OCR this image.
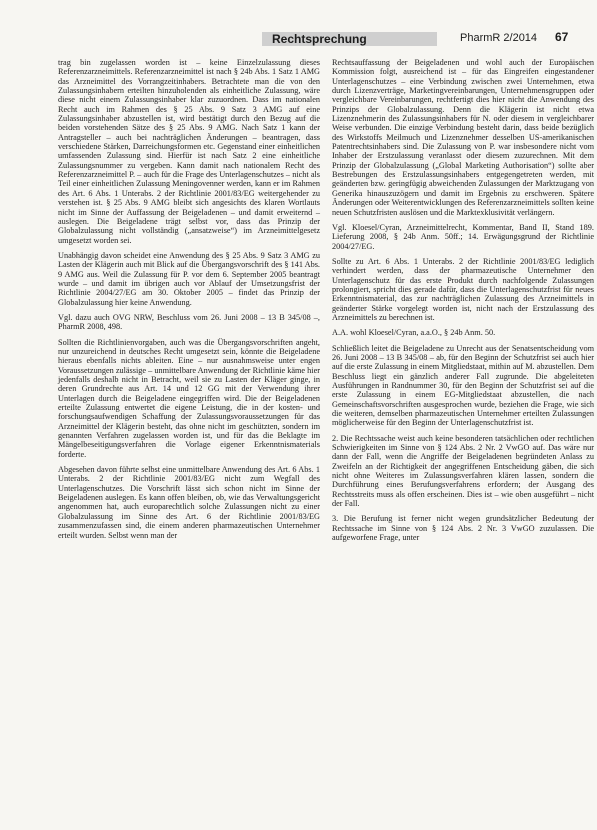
Rechtsprechung	PharmR 2/2014 67

trag bin zugelassen worden ist – keine Einzelzulassung dieses Referenzarzneimittels. Referenzarzneimittel ist nach § 24b Abs. 1 Satz 1 AMG das Arzneimittel des Vorrangzeitinhabers. Betrachtete man die von den Zulassungsinhabern erteilten hinzuholenden als einheitliche Zulassung, wäre diese nicht einem Zulassungsinhaber klar zuzuordnen. Dass im nationalen Recht auch im Rahmen des § 25 Abs. 9 Satz 3 AMG auf eine Zulassungsinhaber abzustellen ist, wird bestätigt durch den Bezug auf die beiden vorstehenden Sätze des § 25 Abs. 9 AMG. Nach Satz 1 kann der Antragsteller – auch bei nachträglichen Änderungen – beantragen, dass verschiedene Stärken, Darreichungsformen etc. Gegenstand einer einheitlichen umfassenden Zulassung sind. Hierfür ist nach Satz 2 eine einheitliche Zulassungsnummer zu vergeben. Kann damit nach nationalem Recht des Referenzarzneimittel P. – auch für die Frage des Unterlagenschutzes – nicht als Teil einer einheitlichen Zulassung Meningovenner werden, kann er im Rahmen des Art. 6 Abs. 1 Unterabs. 2 der Richtlinie 2001/83/EG weitergehender zu verstehen ist. § 25 Abs. 9 AMG bleibt sich angesichts des klaren Wortlauts nicht im Sinne der Auffassung der Beigeladenen – und damit erweiternd – auslegen. Die Beigeladene trägt selbst vor, dass das Prinzip der Globalzulassung nicht vollständig („ansatzweise“) im Arzneimittelgesetz umgesetzt worden sei.

Unabhängig davon scheidet eine Anwendung des § 25 Abs. 9 Satz 3 AMG zu Lasten der Klägerin auch mit Blick auf die Übergangsvorschrift des § 141 Abs. 9 AMG aus. Weil die Zulassung für P. vor dem 6. September 2005 beantragt wurde – und damit im übrigen auch vor Ablauf der Umsetzungsfrist der Richtlinie 2004/27/EG am 30. Oktober 2005 – findet das Prinzip der Globalzulassung hier keine Anwendung.

Vgl. dazu auch OVG NRW, Beschluss vom 26. Juni 2008 – 13 B 345/08 –, PharmR 2008, 498.

Sollten die Richtlinienvorgaben, auch was die Übergangsvorschriften angeht, nur unzureichend in deutsches Recht umgesetzt sein, könnte die Beigeladene hieraus ebenfalls nichts ableiten. Eine – nur ausnahmsweise unter engen Voraussetzungen zulässige – unmittelbare Anwendung der Richtlinie käme hier jedenfalls deshalb nicht in Betracht, weil sie zu Lasten der Kläger ginge, in deren Grundrechte aus Art. 14 und 12 GG mit der Verwendung ihrer Unterlagen durch die Beigeladene eingegriffen wird. Die der Beigeladenen erteilte Zulassung entwertet die eigene Leistung, die in der kosten- und forschungsaufwendigen Schaffung der Zulassungsvoraussetzungen für das Arzneimittel der Klägerin besteht, das ohne nicht im geschützten, sondern im genannten Verfahren zugelassen worden ist, und für das die Beklagte im Mängelbeseitigungsverfahren die Vorlage eigener Erkenntnismaterials forderte.

Abgesehen davon führte selbst eine unmittelbare Anwendung des Art. 6 Abs. 1 Unterabs. 2 der Richtlinie 2001/83/EG nicht zum Wegfall des Unterlagenschutzes. Die Vorschrift lässt sich schon nicht im Sinne der Beigeladenen auslegen. Es kann offen bleiben, ob, wie das Verwaltungsgericht angenommen hat, auch europarechtlich solche Zulassungen nicht zu einer Globalzulassung im Sinne des Art. 6 der Richtlinie 2001/83/EG zusammenzufassen sind, die einem anderen pharmazeutischen Unternehmer erteilt wurden. Selbst wenn man der

Rechtsauffassung der Beigeladenen und wohl auch der Europäischen Kommission folgt, ausreichend ist – für das Eingreifen eingestandener Unterlagenschutzes – eine Verbindung zwischen zwei Unternehmen, etwa durch Lizenzverträge, Marketingvereinbarungen, Unternehmensgruppen oder vergleichbare Vereinbarungen, rechtfertigt dies hier nicht die Anwendung des Prinzips der Globalzulassung. Denn die Klägerin ist nicht etwa Lizenznehmerin des Zulassungsinhabers für N. oder diesem in vergleichbarer Weise verbunden. Die einzige Verbindung besteht darin, dass beide bezüglich des Wirkstoffs Meilmuch und Lizenznehmer desselben US-amerikanischen Patentrechtsinhabers sind. Die Zulassung von P. war insbesondere nicht vom Inhaber der Erstzulassung veranlasst oder diesem zuzurechnen. Mit dem Prinzip der Globalzulassung („Global Marketing Authorisation“) sollte aber Bestrebungen des Erstzulassungsinhabers entgegengetreten werden, mit geänderten bzw. geringfügig abweichenden Zulassungen der Marktzugang von Generika hinauszuzögern und damit im Ergebnis zu erschweren. Spätere Änderungen oder Weiterentwicklungen des Referenzarzneimittels sollten keine neuen Schutzfristen auslösen und die Marktexklusivität verlängern.

Vgl. Kloesel/Cyran, Arzneimittelrecht, Kommentar, Band II, Stand 189. Lieferung 2008, § 24b Anm. 50ff.; 14. Erwägungsgrund der Richtlinie 2004/27/EG.

Sollte zu Art. 6 Abs. 1 Unterabs. 2 der Richtlinie 2001/83/EG lediglich verhindert werden, dass der pharmazeutische Unternehmer den Unterlagenschutz für das erste Produkt durch nachfolgende Zulassungen prolongiert, spricht dies gerade dafür, dass die Unterlagenschutzfrist für neues Erkenntnismaterial, das zur nachträglichen Zulassung des Arzneimittels in geänderter Stärke vorgelegt worden ist, nicht nach der Erstzulassung des Arzneimittels zu berechnen ist.

A.A. wohl Kloesel/Cyran, a.a.O., § 24b Anm. 50.

Schließlich leitet die Beigeladene zu Unrecht aus der Senatsentscheidung vom 26. Juni 2008 – 13 B 345/08 – ab, für den Beginn der Schutzfrist sei auch hier auf die erste Zulassung in einem Mitgliedstaat, mithin auf M. abzustellen. Dem Beschluss liegt ein gänzlich anderer Fall zugrunde. Die abgeleiteten Ausführungen in Randnummer 30, für den Beginn der Schutzfrist sei auf die erste Zulassung in einem EG-Mitgliedstaat abzustellen, die nach Gemeinschaftsvorschriften ausgesprochen wurde, beziehen die Frage, wie sich die weiteren, demselben pharmazeutischen Unternehmer erteilten Zulassungen möglicherweise für den Beginn der Unterlagenschutzfrist ist.

2. Die Rechtssache weist auch keine besonderen tatsächlichen oder rechtlichen Schwierigkeiten im Sinne von § 124 Abs. 2 Nr. 2 VwGO auf. Das wäre nur dann der Fall, wenn die Angriffe der Beigeladenen begründeten Anlass zu Zweifeln an der Richtigkeit der angegriffenen Entscheidung gäben, die sich nicht ohne Weiteres im Zulassungsverfahren klären lassen, sondern die Durchführung eines Berufungsverfahrens erfordern; der Ausgang des Rechtsstreits muss als offen erscheinen. Dies ist – wie oben ausgeführt – nicht der Fall.

3. Die Berufung ist ferner nicht wegen grundsätzlicher Bedeutung der Rechtssache im Sinne von § 124 Abs. 2 Nr. 3 VwGO zuzulassen. Die aufgeworfene Frage, unter
